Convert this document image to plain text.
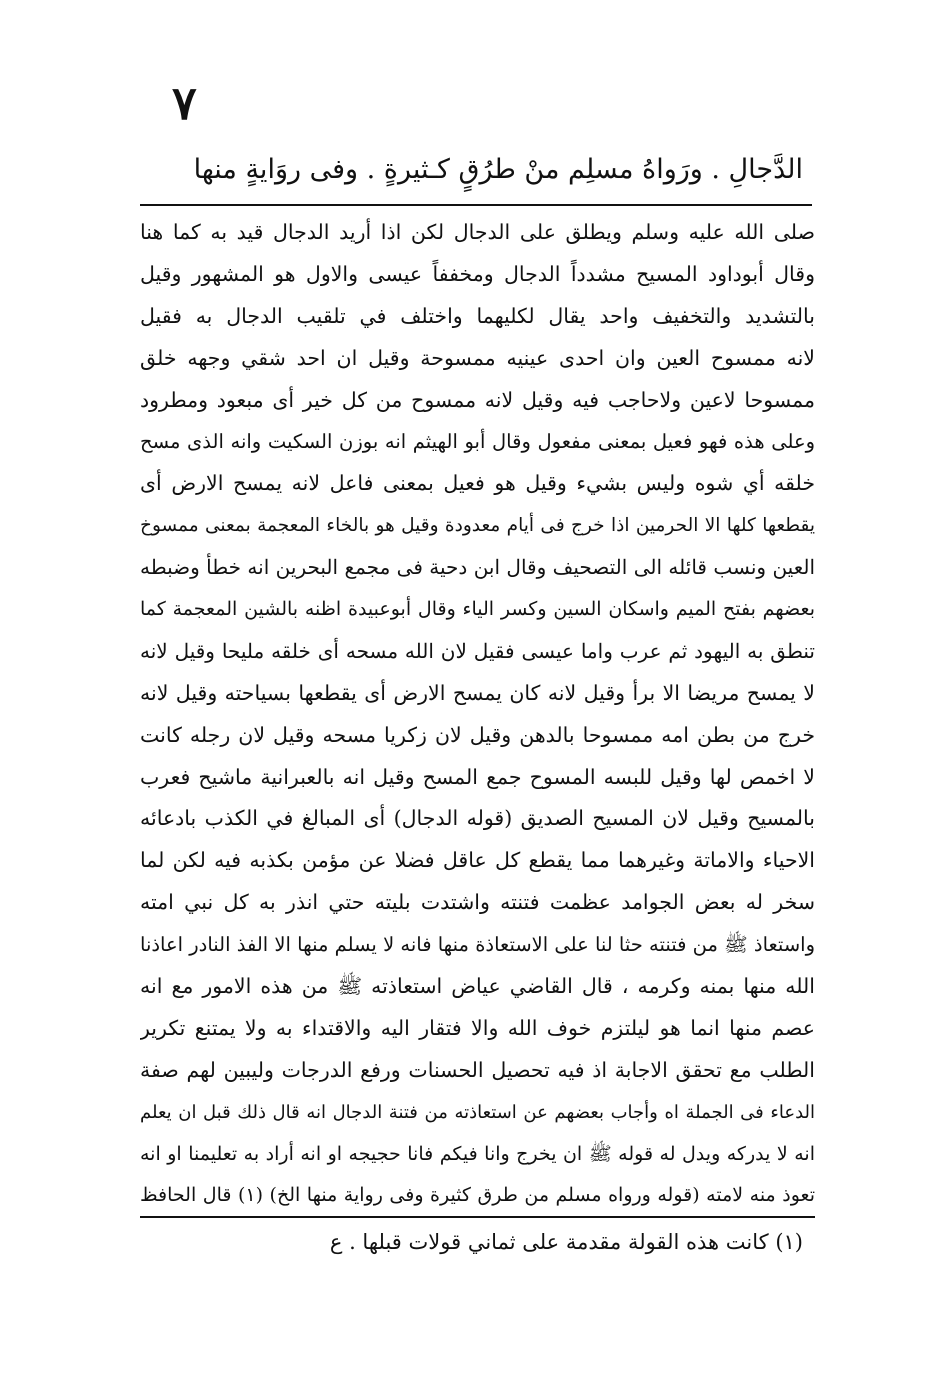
٧
الدَّجالِ . ورَواهُ مسلِم منْ طرُقٍ كـثيرةٍ . وفى روَايةٍ منها
صلى الله عليه وسلم ويطلق على الدجال لكن اذا أريد الدجال قيد به كما هنا
وقال أبوداود المسيح مشدداً الدجال ومخففاً عيسى والاول هو المشهور وقيل
بالتشديد والتخفيف واحد يقال لكليهما واختلف في تلقيب الدجال به فقيل
لانه ممسوح العين وان احدى عينيه ممسوحة وقيل ان احد شقي وجهه خلق
ممسوحا لاعين ولاحاجب فيه وقيل لانه ممسوح من كل خير أى مبعود ومطرود
وعلى هذه فهو فعيل بمعنى مفعول وقال أبو الهيثم انه بوزن السكيت وانه الذى مسح
خلقه أي شوه وليس بشيء وقيل هو فعيل بمعنى فاعل لانه يمسح الارض أى
يقطعها كلها الا الحرمين اذا خرج فى أيام معدودة وقيل هو بالخاء المعجمة بمعنى ممسوخ
العين ونسب قائله الى التصحيف وقال ابن دحية فى مجمع البحرين انه خطأ وضبطه
بعضهم بفتح الميم واسكان السين وكسر الياء وقال أبوعبيدة اظنه بالشين المعجمة كما
تنطق به اليهود ثم عرب واما عيسى فقيل لان الله مسحه أى خلقه مليحا وقيل لانه
لا يمسح مريضا الا برأ وقيل لانه كان يمسح الارض أى يقطعها بسياحته وقيل لانه
خرج من بطن امه ممسوحا بالدهن وقيل لان زكريا مسحه وقيل لان رجله كانت
لا اخمص لها وقيل للبسه المسوح جمع المسح وقيل انه بالعبرانية ماشيح فعرب
بالمسيح وقيل لان المسيح الصديق (قوله الدجال) أى المبالغ في الكذب بادعائه
الاحياء والاماتة وغيرهما مما يقطع كل عاقل فضلا عن مؤمن بكذبه فيه لكن لما
سخر له بعض الجوامد عظمت فتنته واشتدت بليته حتي انذر به كل نبي امته
واستعاذ ﷺ من فتنته حثا لنا على الاستعاذة منها فانه لا يسلم منها الا الفذ النادر اعاذنا
الله منها بمنه وكرمه ، قال القاضي عياض استعاذته ﷺ من هذه الامور مع انه
عصم منها انما هو ليلتزم خوف الله والا فتقار اليه والاقتداء به ولا يمتنع تكرير
الطلب مع تحقق الاجابة اذ فيه تحصيل الحسنات ورفع الدرجات وليبين لهم صفة
الدعاء فى الجملة اه وأجاب بعضهم عن استعاذته من فتنة الدجال انه قال ذلك قبل ان يعلم
انه لا يدركه ويدل له قوله ﷺ ان يخرج وانا فيكم فانا حجيجه او انه أراد به تعليمنا او انه
تعوذ منه لامته (قوله ورواه مسلم من طرق كثيرة وفى رواية منها الخ) (١) قال الحافظ
(١) كانت هذه القولة مقدمة على ثماني قولات قبلها . ع
